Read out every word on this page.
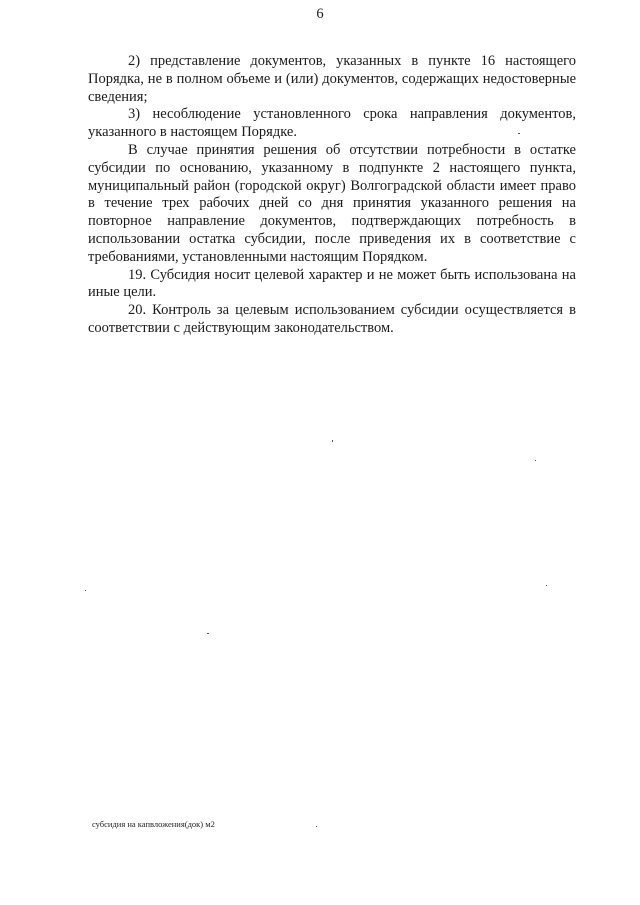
6

2) представление документов, указанных в пункте 16 настоящего Порядка, не в полном объеме и (или) документов, содержащих недостоверные сведения;

3) несоблюдение установленного срока направления документов, указанного в настоящем Порядке.

В случае принятия решения об отсутствии потребности в остатке субсидии по основанию, указанному в подпункте 2 настоящего пункта, муниципальный район (городской округ) Волгоградской области имеет право в течение трех рабочих дней со дня принятия указанного решения на повторное направление документов, подтверждающих потребность в использовании остатка субсидии, после приведения их в соответствие с требованиями, установленными настоящим Порядком.

19. Субсидия носит целевой характер и не может быть использована на иные цели.

20. Контроль за целевым использованием субсидии осуществляется в соответствии с действующим законодательством.

субсидия на капвложения(док) м2
